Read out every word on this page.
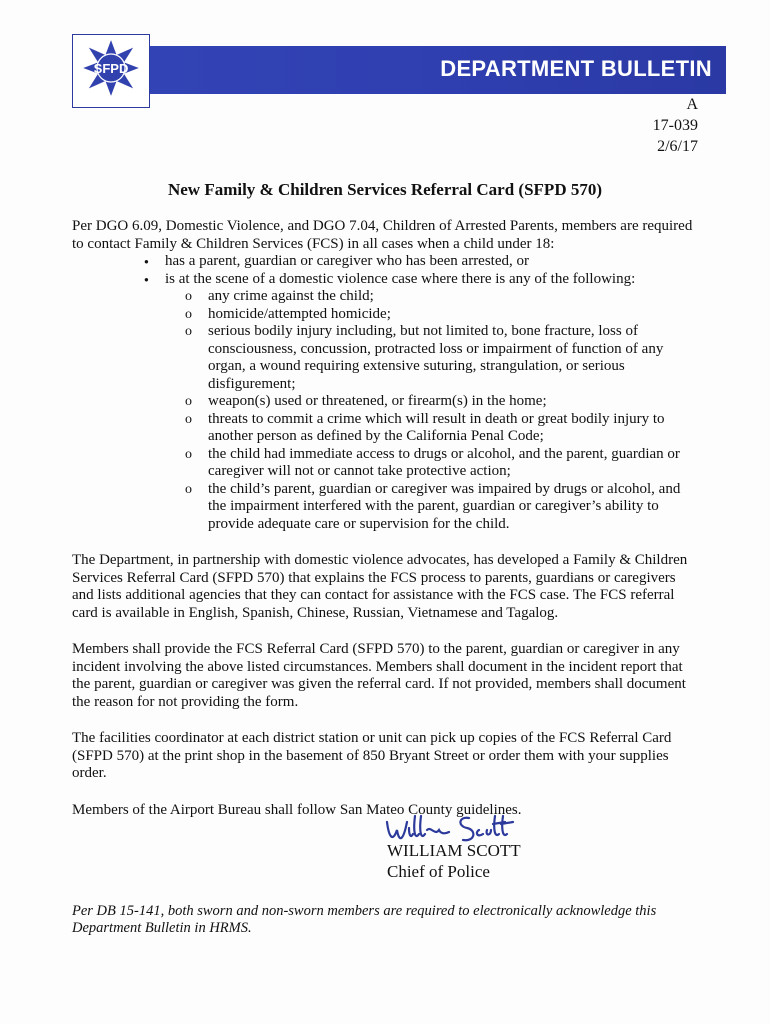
DEPARTMENT BULLETIN
SFPD
A
17-039
2/6/17
New Family & Children Services Referral Card (SFPD 570)

Per DGO 6.09, Domestic Violence, and DGO 7.04, Children of Arrested Parents, members are required to contact Family & Children Services (FCS) in all cases when a child under 18:

● has a parent, guardian or caregiver who has been arrested, or
● is at the scene of a domestic violence case where there is any of the following:
o any crime against the child;
o homicide/attempted homicide;
o serious bodily injury including, but not limited to, bone fracture, loss of consciousness, concussion, protracted loss or impairment of function of any organ, a wound requiring extensive suturing, strangulation, or serious disfigurement;
o weapon(s) used or threatened, or firearm(s) in the home;
o threats to commit a crime which will result in death or great bodily injury to another person as defined by the California Penal Code;
o the child had immediate access to drugs or alcohol, and the parent, guardian or caregiver will not or cannot take protective action;
o the child’s parent, guardian or caregiver was impaired by drugs or alcohol, and the impairment interfered with the parent, guardian or caregiver’s ability to provide adequate care or supervision for the child.

The Department, in partnership with domestic violence advocates, has developed a Family & Children Services Referral Card (SFPD 570) that explains the FCS process to parents, guardians or caregivers and lists additional agencies that they can contact for assistance with the FCS case. The FCS referral card is available in English, Spanish, Chinese, Russian, Vietnamese and Tagalog.

Members shall provide the FCS Referral Card (SFPD 570) to the parent, guardian or caregiver in any incident involving the above listed circumstances. Members shall document in the incident report that the parent, guardian or caregiver was given the referral card. If not provided, members shall document the reason for not providing the form.

The facilities coordinator at each district station or unit can pick up copies of the FCS Referral Card (SFPD 570) at the print shop in the basement of 850 Bryant Street or order them with your supplies order.

Members of the Airport Bureau shall follow San Mateo County guidelines.

WILLIAM SCOTT
Chief of Police
Per DB 15-141, both sworn and non-sworn members are required to electronically acknowledge this Department Bulletin in HRMS.
